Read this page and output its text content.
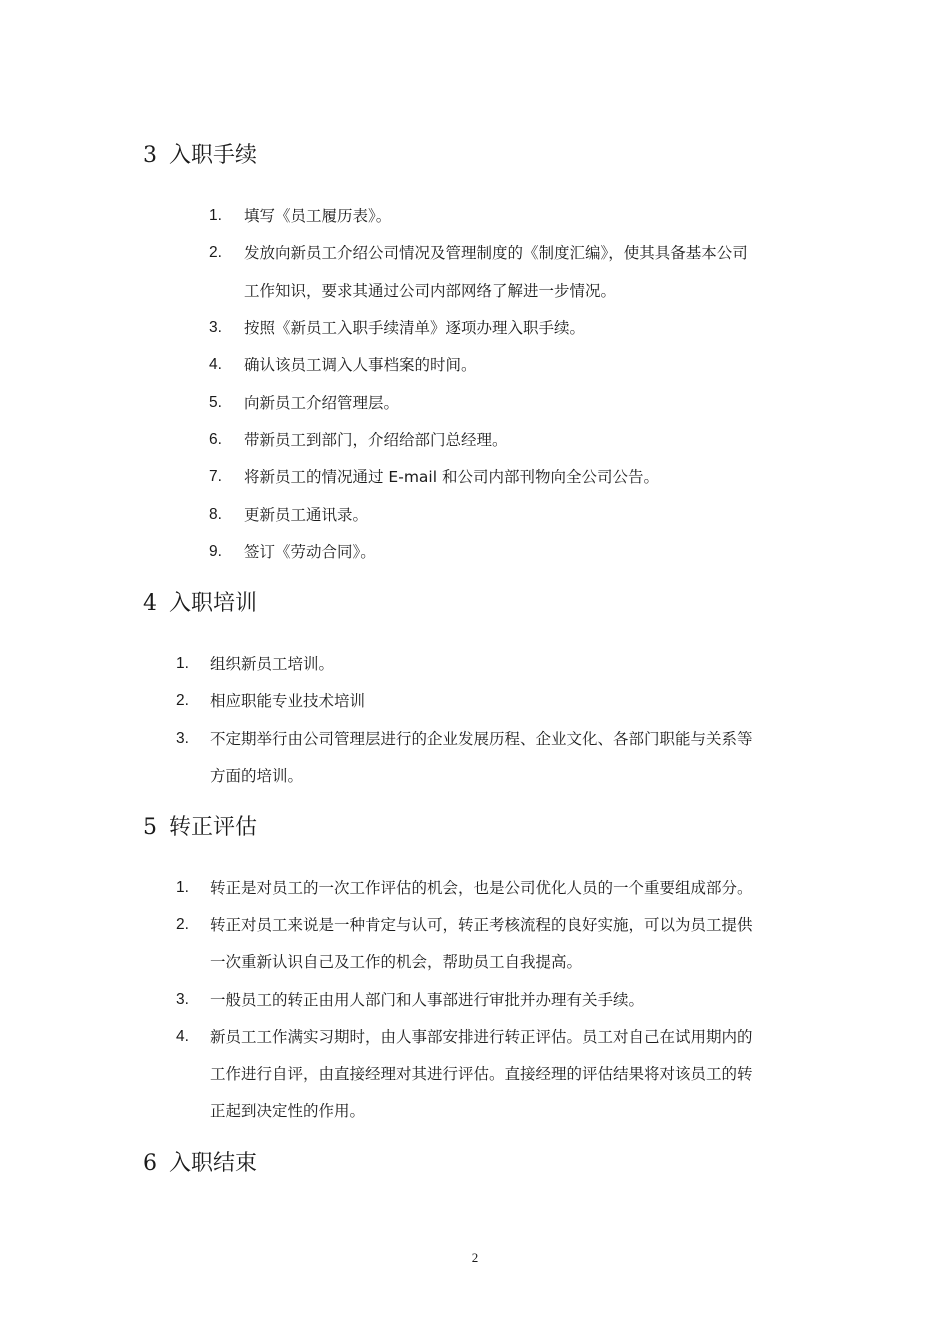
3 入职手续
1. 填写《员工履历表》。
2. 发放向新员工介绍公司情况及管理制度的《制度汇编》，使其具备基本公司
工作知识，要求其通过公司内部网络了解进一步情况。
3. 按照《新员工入职手续清单》逐项办理入职手续。
4. 确认该员工调入人事档案的时间。
5. 向新员工介绍管理层。
6. 带新员工到部门，介绍给部门总经理。
7. 将新员工的情况通过 E-mail 和公司内部刊物向全公司公告。
8. 更新员工通讯录。
9. 签订《劳动合同》。
4 入职培训
1. 组织新员工培训。
2. 相应职能专业技术培训
3. 不定期举行由公司管理层进行的企业发展历程、企业文化、各部门职能与关系等
方面的培训。
5 转正评估
1. 转正是对员工的一次工作评估的机会，也是公司优化人员的一个重要组成部分。
2. 转正对员工来说是一种肯定与认可，转正考核流程的良好实施，可以为员工提供
一次重新认识自己及工作的机会，帮助员工自我提高。
3. 一般员工的转正由用人部门和人事部进行审批并办理有关手续。
4. 新员工工作满实习期时，由人事部安排进行转正评估。员工对自己在试用期内的
工作进行自评，由直接经理对其进行评估。直接经理的评估结果将对该员工的转
正起到决定性的作用。
6 入职结束
2
